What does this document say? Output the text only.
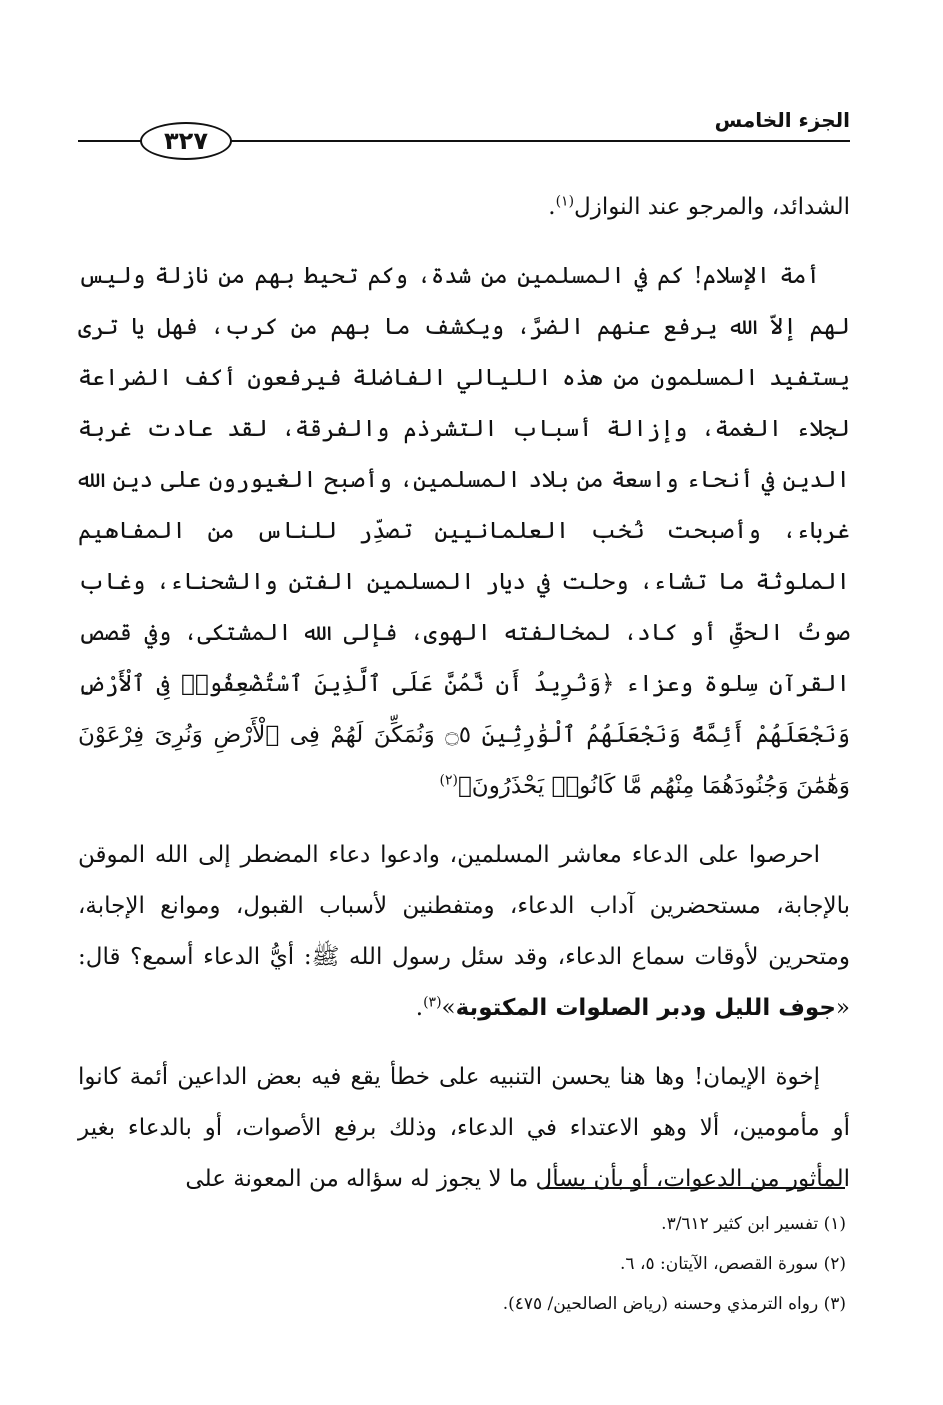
الجزء الخامس
٣٢٧

الشدائد، والمرجو عند النوازل$^{(١)}$.

أمة الإسلام! كم في المسلمين من شدة، وكم تحيط بهم من نازلة وليس لهم إلاّ الله يرفع عنهم الضرَّ، ويكشف ما بهم من كرب، فهل يا ترى يستفيد المسلمون من هذه الليالي الفاضلة فيرفعون أكف الضراعة لجلاء الغمة، وإزالة أسباب التشرذم والفرقة، لقد عادت غربة الدين في أنحاء واسعة من بلاد المسلمين، وأصبح الغيورون على دين الله غرباء، وأصبحت نُخب العلمانيين تصدِّر للناس من المفاهيم الملوثة ما تشاء، وحلت في ديار المسلمين الفتن والشحناء، وغاب صوتُ الحقِّ أو كاد، لمخالفته الهوى، فإلى الله المشتكى، وفي قصص القرآن سِلوة وعزاء ﴿وَنُرِيدُ أَن نَّمُنَّ عَلَى ٱلَّذِينَ ٱسْتُضْعِفُوا۟ فِى ٱلْأَرْضِ وَنَجْعَلَهُمْ أَئِمَّةً وَنَجْعَلَهُمُ ٱلْوَٰرِثِينَ ۝٥ وَنُمَكِّنَ لَهُمْ فِى ٱلْأَرْضِ وَنُرِىَ فِرْعَوْنَ وَهَٰمَٰنَ وَجُنُودَهُمَا مِنْهُم مَّا كَانُوا۟ يَحْذَرُونَ﴾$^{(٢)}$

احرصوا على الدعاء معاشر المسلمين، وادعوا دعاء المضطر إلى الله الموقن بالإجابة، مستحضرين آداب الدعاء، ومتفطنين لأسباب القبول، وموانع الإجابة، ومتحرين لأوقات سماع الدعاء، وقد سئل رسول الله ﷺ: أيُّ الدعاء أسمع؟ قال: «جوف الليل ودبر الصلوات المكتوبة»$^{(٣)}$.

إخوة الإيمان! وها هنا يحسن التنبيه على خطأ يقع فيه بعض الداعين أئمة كانوا أو مأمومين، ألا وهو الاعتداء في الدعاء، وذلك برفع الأصوات، أو بالدعاء بغير المأثور من الدعوات، أو بأن يسأل ما لا يجوز له سؤاله من المعونة على

(١) تفسير ابن كثير ٣/٦١٢.

(٢) سورة القصص، الآيتان: ٥، ٦.

(٣) رواه الترمذي وحسنه (رياض الصالحين/ ٤٧٥).
